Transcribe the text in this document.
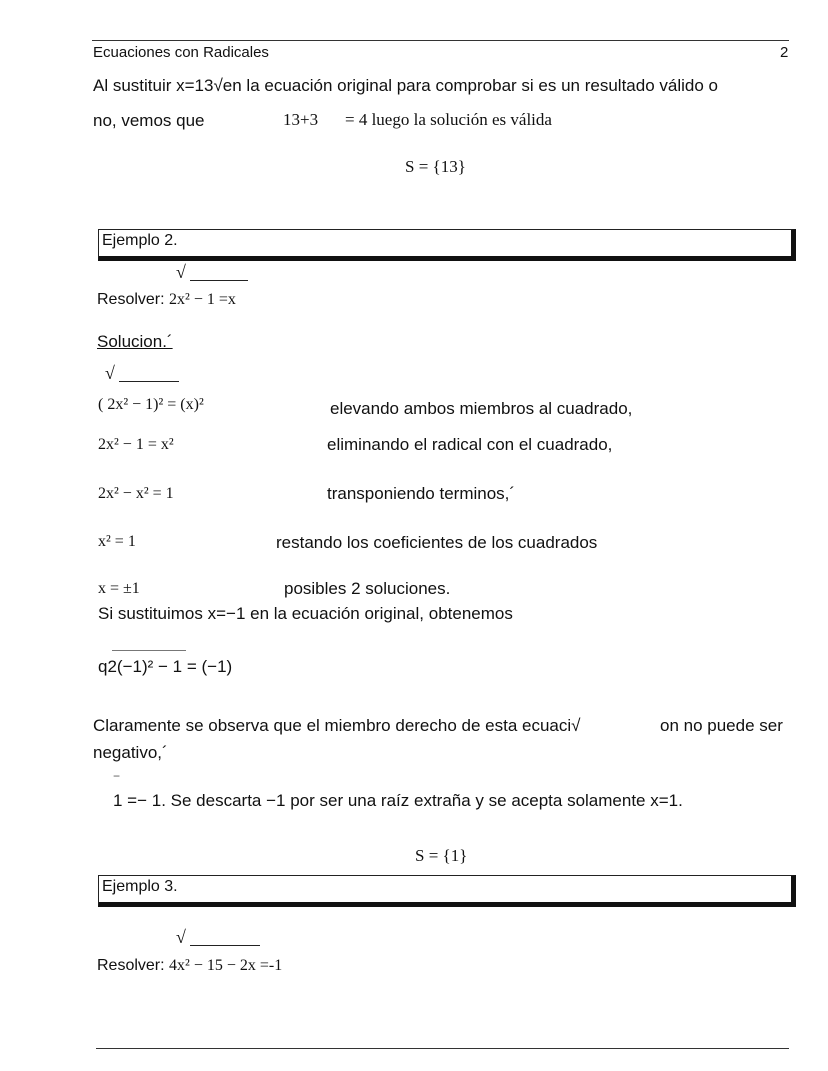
Ecuaciones con Radicales	2
Al sustituir x=13√en la ecuación original para comprobar si es un resultado válido o
no, vemos que	13+3 = 4 luego la solución es válida
S = {13}
Ejemplo 2.
√
Resolver: 2x² − 1 =x
Solucion.´
√
( 2x² − 1)² = (x)²	elevando ambos miembros al cuadrado,
2x² − 1 = x²	eliminando el radical con el cuadrado,
2x² − x² = 1	transponiendo terminos,´
x² = 1	restando los coeficientes de los cuadrados
x = ±1	posibles 2 soluciones.
Si sustituimos x=−1 en la ecuación original, obtenemos
q2(−1)² − 1 = (−1)
Claramente se observa que el miembro derecho de esta ecuaci√	on no puede ser
negativo,´
−
1 =− 1. Se descarta −1 por ser una raíz extraña y se acepta solamente x=1.
S = {1}
Ejemplo 3.
√
Resolver: 4x² − 15 − 2x =-1
